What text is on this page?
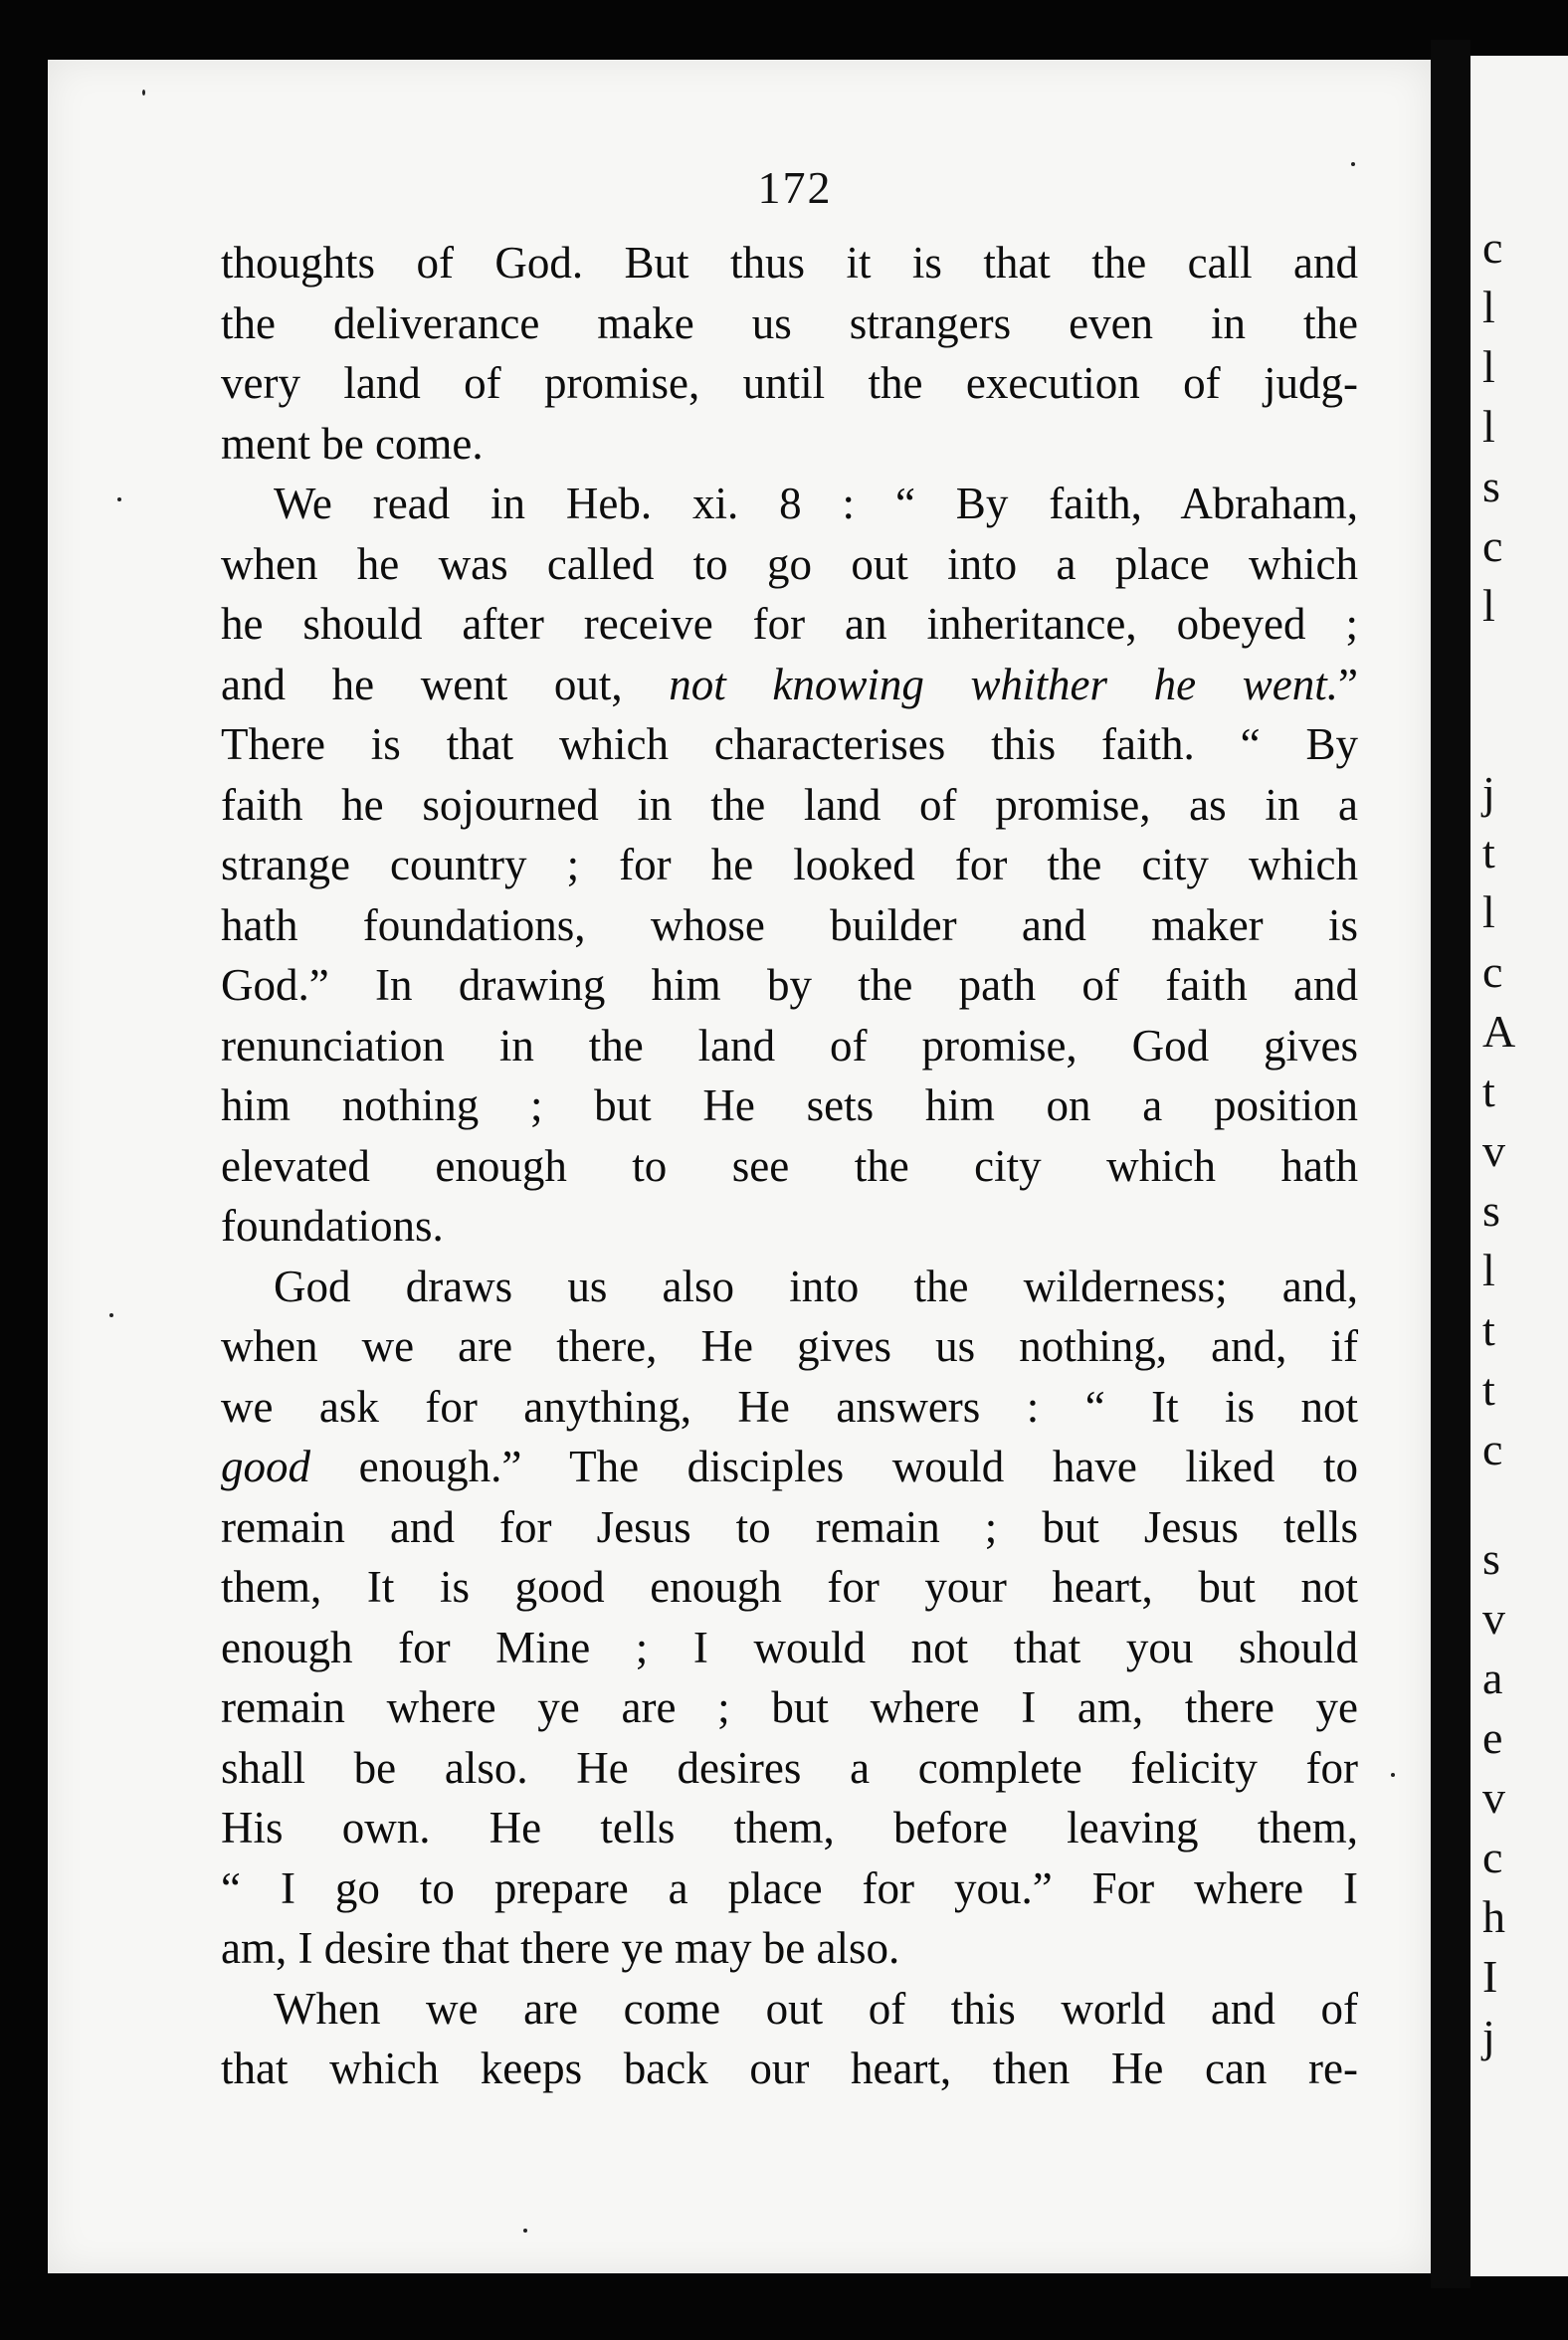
172
thoughts of God. But thus it is that the call and
the deliverance make us strangers even in the
very land of promise, until the execution of judg-
ment be come.
We read in Heb. xi. 8 : “ By faith, Abraham,
when he was called to go out into a place which
he should after receive for an inheritance, obeyed ;
and he went out, not knowing whither he went.”
There is that which characterises this faith. “ By
faith he sojourned in the land of promise, as in a
strange country ; for he looked for the city which
hath foundations, whose builder and maker is
God.” In drawing him by the path of faith and
renunciation in the land of promise, God gives
him nothing ; but He sets him on a position
elevated enough to see the city which hath
foundations.
God draws us also into the wilderness; and,
when we are there, He gives us nothing, and, if
we ask for anything, He answers : “ It is not
good enough.” The disciples would have liked to
remain and for Jesus to remain ; but Jesus tells
them, It is good enough for your heart, but not
enough for Mine ; I would not that you should
remain where ye are ; but where I am, there ye
shall be also. He desires a complete felicity for
His own. He tells them, before leaving them,
“ I go to prepare a place for you.” For where I
am, I desire that there ye may be also.
When we are come out of this world and of
that which keeps back our heart, then He can re-
c
l
l
l
s
c
l
j
t
l
c
A
t
v
s
l
t
t
c
s
v
a
e
v
c
h
I
j
